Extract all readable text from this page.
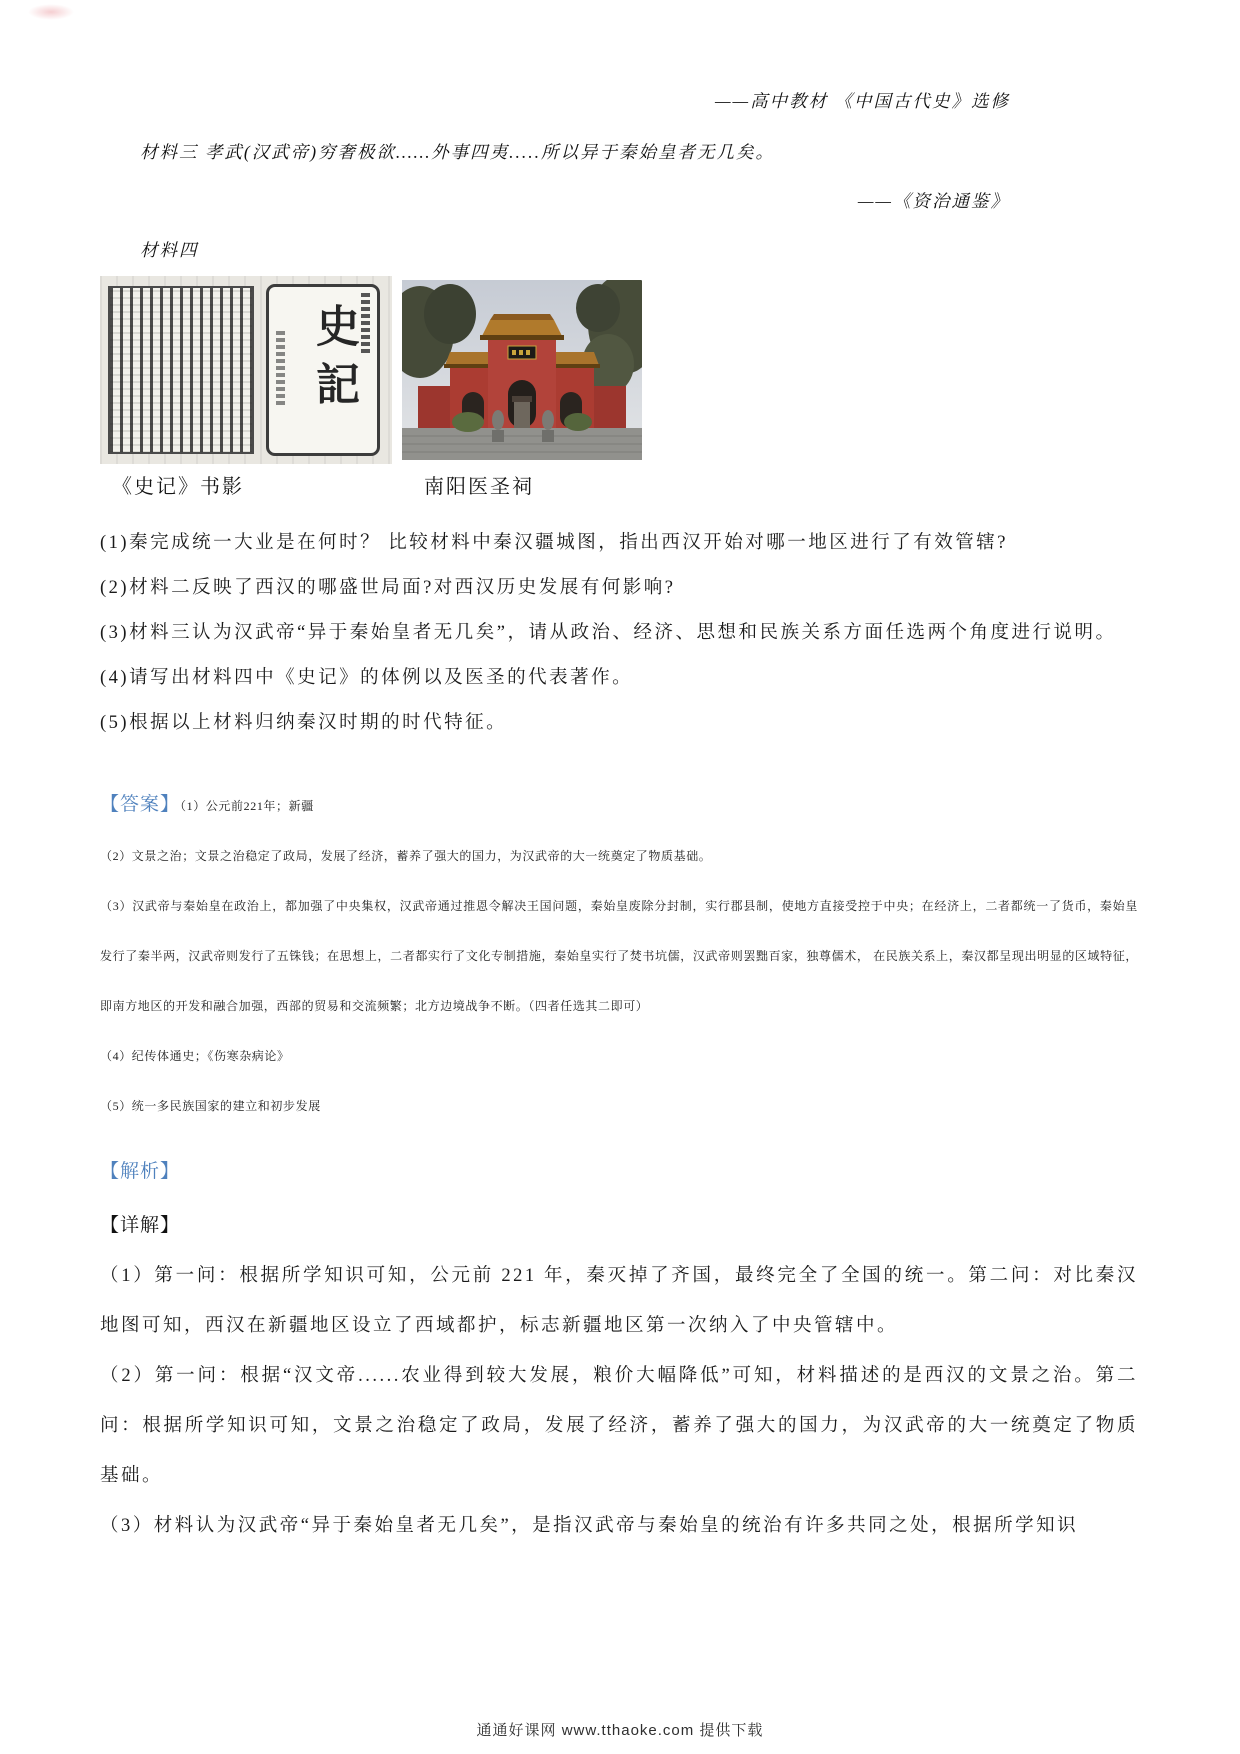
——高中教材 《中国古代史》选修
材料三 孝武(汉武帝)穷奢极欲……外事四夷.....所以异于秦始皇者无几矣。
——《资治通鉴》
材料四
史記
《史记》书影	南阳医圣祠

(1)秦完成统一大业是在何时？ 比较材料中秦汉疆城图，指出西汉开始对哪一地区进行了有效管辖?

(2)材料二反映了西汉的哪盛世局面?对西汉历史发展有何影响?

(3)材料三认为汉武帝“异于秦始皇者无几矣”，请从政治、经济、思想和民族关系方面任选两个角度进行说明。

(4)请写出材料四中《史记》的体例以及医圣的代表著作。

(5)根据以上材料归纳秦汉时期的时代特征。

【答案】（1）公元前221年；新疆

（2）文景之治；文景之治稳定了政局，发展了经济，蓄养了强大的国力，为汉武帝的大一统奠定了物质基础。

（3）汉武帝与秦始皇在政治上，都加强了中央集权，汉武帝通过推恩令解决王国问题，秦始皇废除分封制，实行郡县制，使地方直接受控于中央；在经济上，二者都统一了货币，秦始皇发行了秦半两，汉武帝则发行了五铢钱；在思想上，二者都实行了文化专制措施，秦始皇实行了焚书坑儒，汉武帝则罢黜百家，独尊儒术， 在民族关系上，秦汉都呈现出明显的区域特征，即南方地区的开发和融合加强，西部的贸易和交流频繁；北方边境战争不断。（四者任选其二即可）

（4）纪传体通史；《伤寒杂病论》

（5）统一多民族国家的建立和初步发展

【解析】
【详解】

（1）第一问：根据所学知识可知，公元前 221 年，秦灭掉了齐国，最终完全了全国的统一。第二问：对比秦汉地图可知，西汉在新疆地区设立了西域都护，标志新疆地区第一次纳入了中央管辖中。

（2）第一问：根据“汉文帝......农业得到较大发展，粮价大幅降低”可知，材料描述的是西汉的文景之治。第二问：根据所学知识可知，文景之治稳定了政局，发展了经济，蓄养了强大的国力，为汉武帝的大一统奠定了物质基础。

（3）材料认为汉武帝“异于秦始皇者无几矣”，是指汉武帝与秦始皇的统治有许多共同之处，根据所学知识

通通好课网 www.tthaoke.com 提供下载
